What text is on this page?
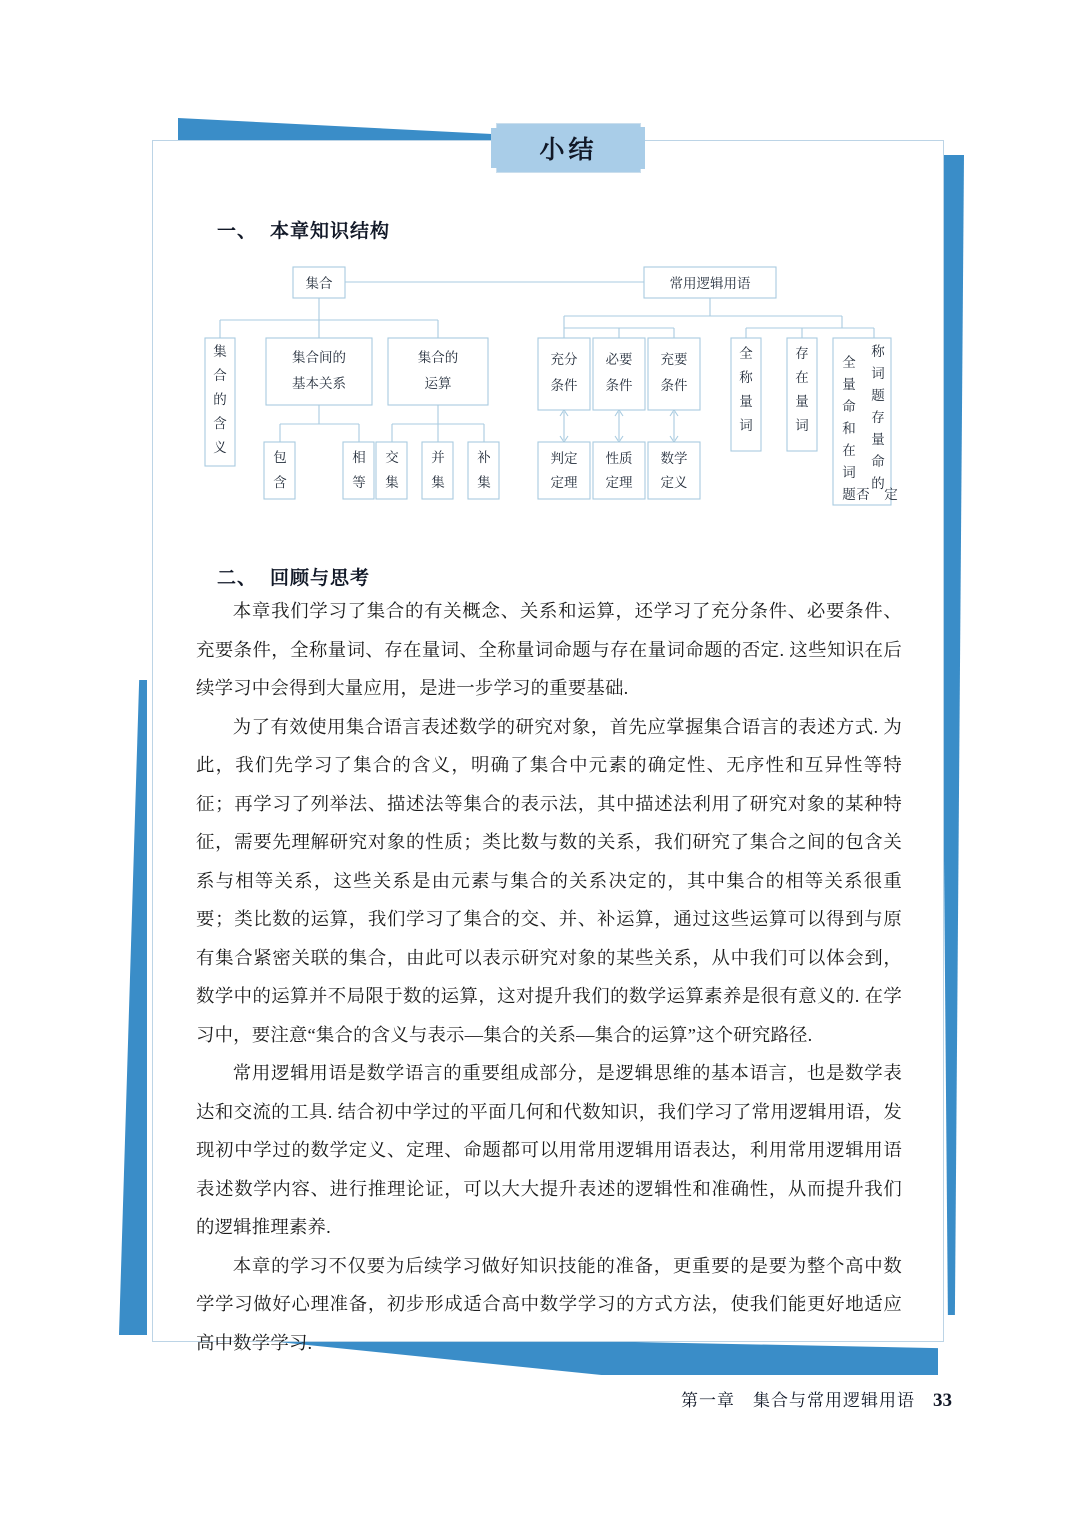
小结
一、 本章知识结构
集合	常用逻辑用语
集
合
的
含
义
集合间的
基本关系
集合的
运算
包
含
相
等
交
集
并
集
补
集
充分
条件
必要
条件
充要
条件
判定
定理
性质
定理
数学
定义
全
称
量
词
存
在
量
词
称
词
题
存
量
命
的
全
量
命
和
在
词
题 否 定
二、 回顾与思考

本章我们学习了集合的有关概念、关系和运算，还学习了充分条件、必要条件、充要条件，全称量词、存在量词、全称量词命题与存在量词命题的否定. 这些知识在后续学习中会得到大量应用，是进一步学习的重要基础.

为了有效使用集合语言表述数学的研究对象，首先应掌握集合语言的表述方式. 为此，我们先学习了集合的含义，明确了集合中元素的确定性、无序性和互异性等特征；再学习了列举法、描述法等集合的表示法，其中描述法利用了研究对象的某种特征，需要先理解研究对象的性质；类比数与数的关系，我们研究了集合之间的包含关系与相等关系，这些关系是由元素与集合的关系决定的，其中集合的相等关系很重要；类比数的运算，我们学习了集合的交、并、补运算，通过这些运算可以得到与原有集合紧密关联的集合，由此可以表示研究对象的某些关系，从中我们可以体会到，数学中的运算并不局限于数的运算，这对提升我们的数学运算素养是很有意义的. 在学习中，要注意“集合的含义与表示—集合的关系—集合的运算”这个研究路径.

常用逻辑用语是数学语言的重要组成部分，是逻辑思维的基本语言，也是数学表达和交流的工具. 结合初中学过的平面几何和代数知识，我们学习了常用逻辑用语，发现初中学过的数学定义、定理、命题都可以用常用逻辑用语表达，利用常用逻辑用语表述数学内容、进行推理论证，可以大大提升表述的逻辑性和准确性，从而提升我们的逻辑推理素养.

本章的学习不仅要为后续学习做好知识技能的准备，更重要的是要为整个高中数学学习做好心理准备，初步形成适合高中数学学习的方式方法，使我们能更好地适应高中数学学习.

第一章　集合与常用逻辑用语 33
